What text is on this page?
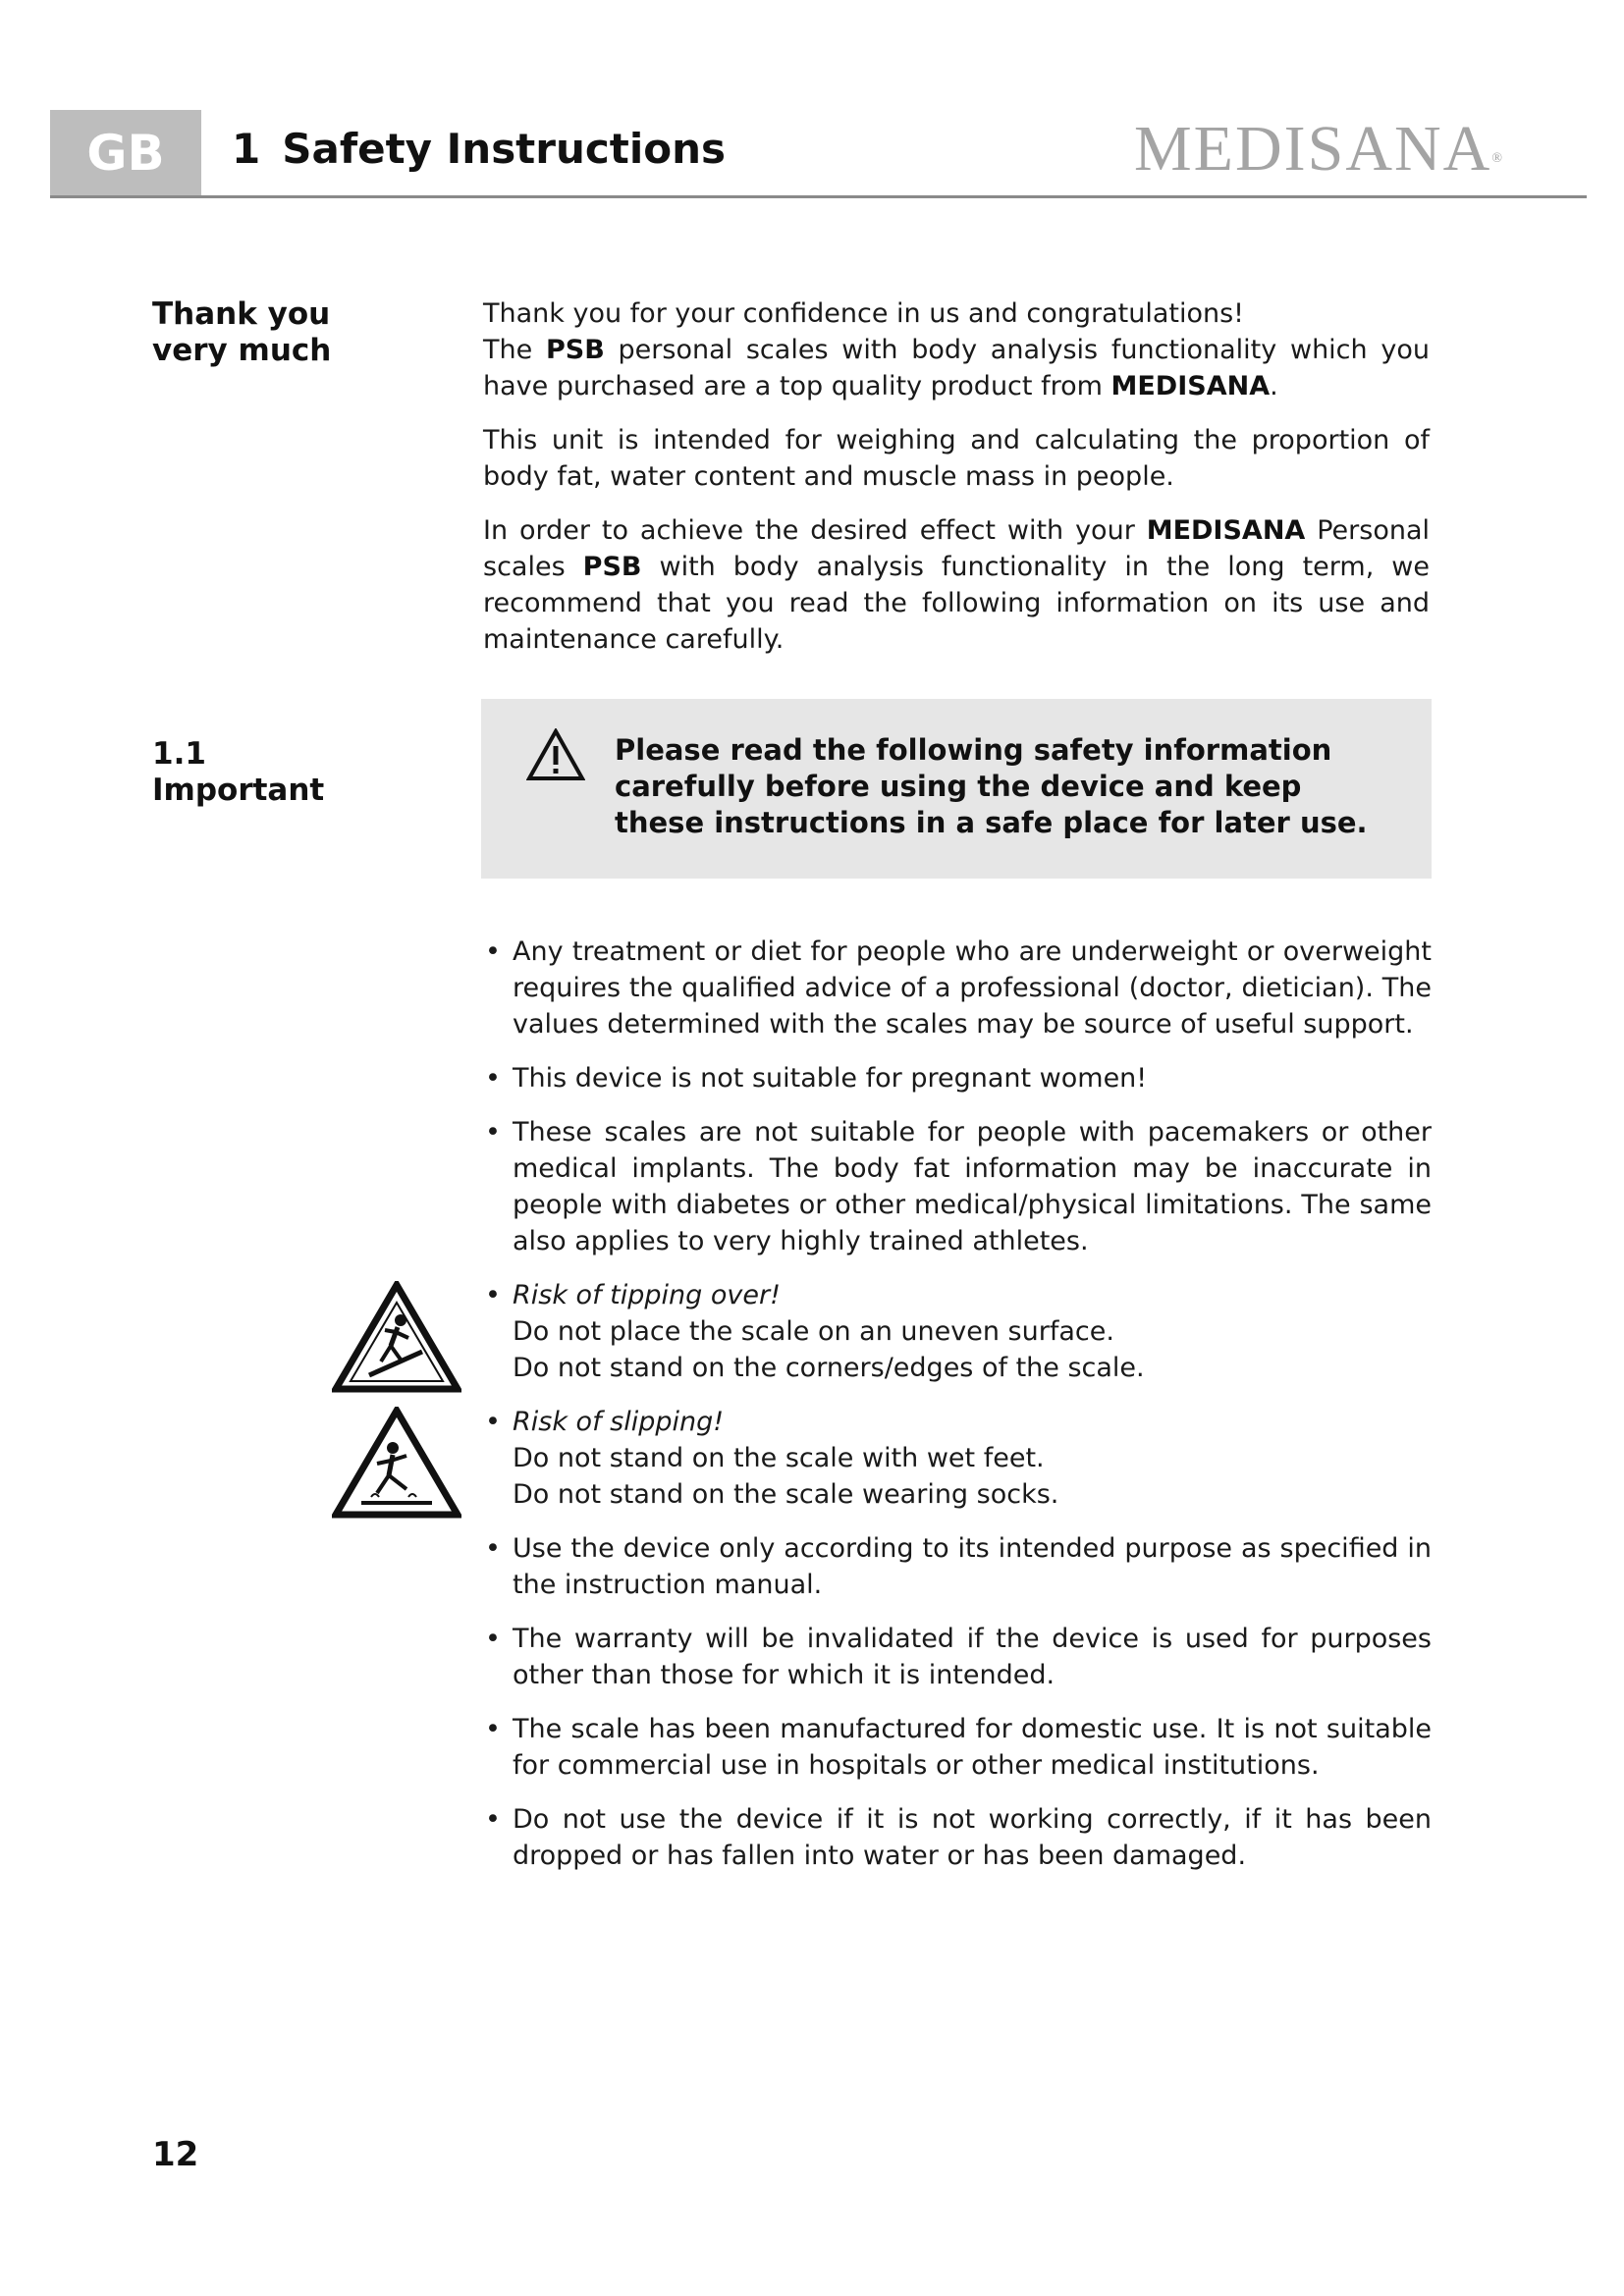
GB	1 Safety Instructions	MEDISANA®
Thank you
very much

Thank you for your confidence in us and congratulations!
The PSB personal scales with body analysis functionality which you have purchased are a top quality product from MEDISANA.

This unit is intended for weighing and calculating the proportion of body fat, water content and muscle mass in people.

In order to achieve the desired effect with your MEDISANA Personal scales PSB with body analysis functionality in the long term, we recommend that you read the following information on its use and maintenance carefully.

1.1
Important
Please read the following safety information carefully before using the device and keep these instructions in a safe place for later use.
• Any treatment or diet for people who are underweight or overweight requires the qualified advice of a professional (doctor, dietician). The values determined with the scales may be source of useful support.
• This device is not suitable for pregnant women!
• These scales are not suitable for people with pacemakers or other medical implants. The body fat information may be inaccurate in people with diabetes or other medical/physical limitations. The same also applies to very highly trained athletes.
• Risk of tipping over!
Do not place the scale on an uneven surface.
Do not stand on the corners/edges of the scale.
• Risk of slipping!
Do not stand on the scale with wet feet.
Do not stand on the scale wearing socks.
• Use the device only according to its intended purpose as specified in the instruction manual.
• The warranty will be invalidated if the device is used for purposes other than those for which it is intended.
• The scale has been manufactured for domestic use. It is not suitable for commercial use in hospitals or other medical institutions.
• Do not use the device if it is not working correctly, if it has been dropped or has fallen into water or has been damaged.
12
